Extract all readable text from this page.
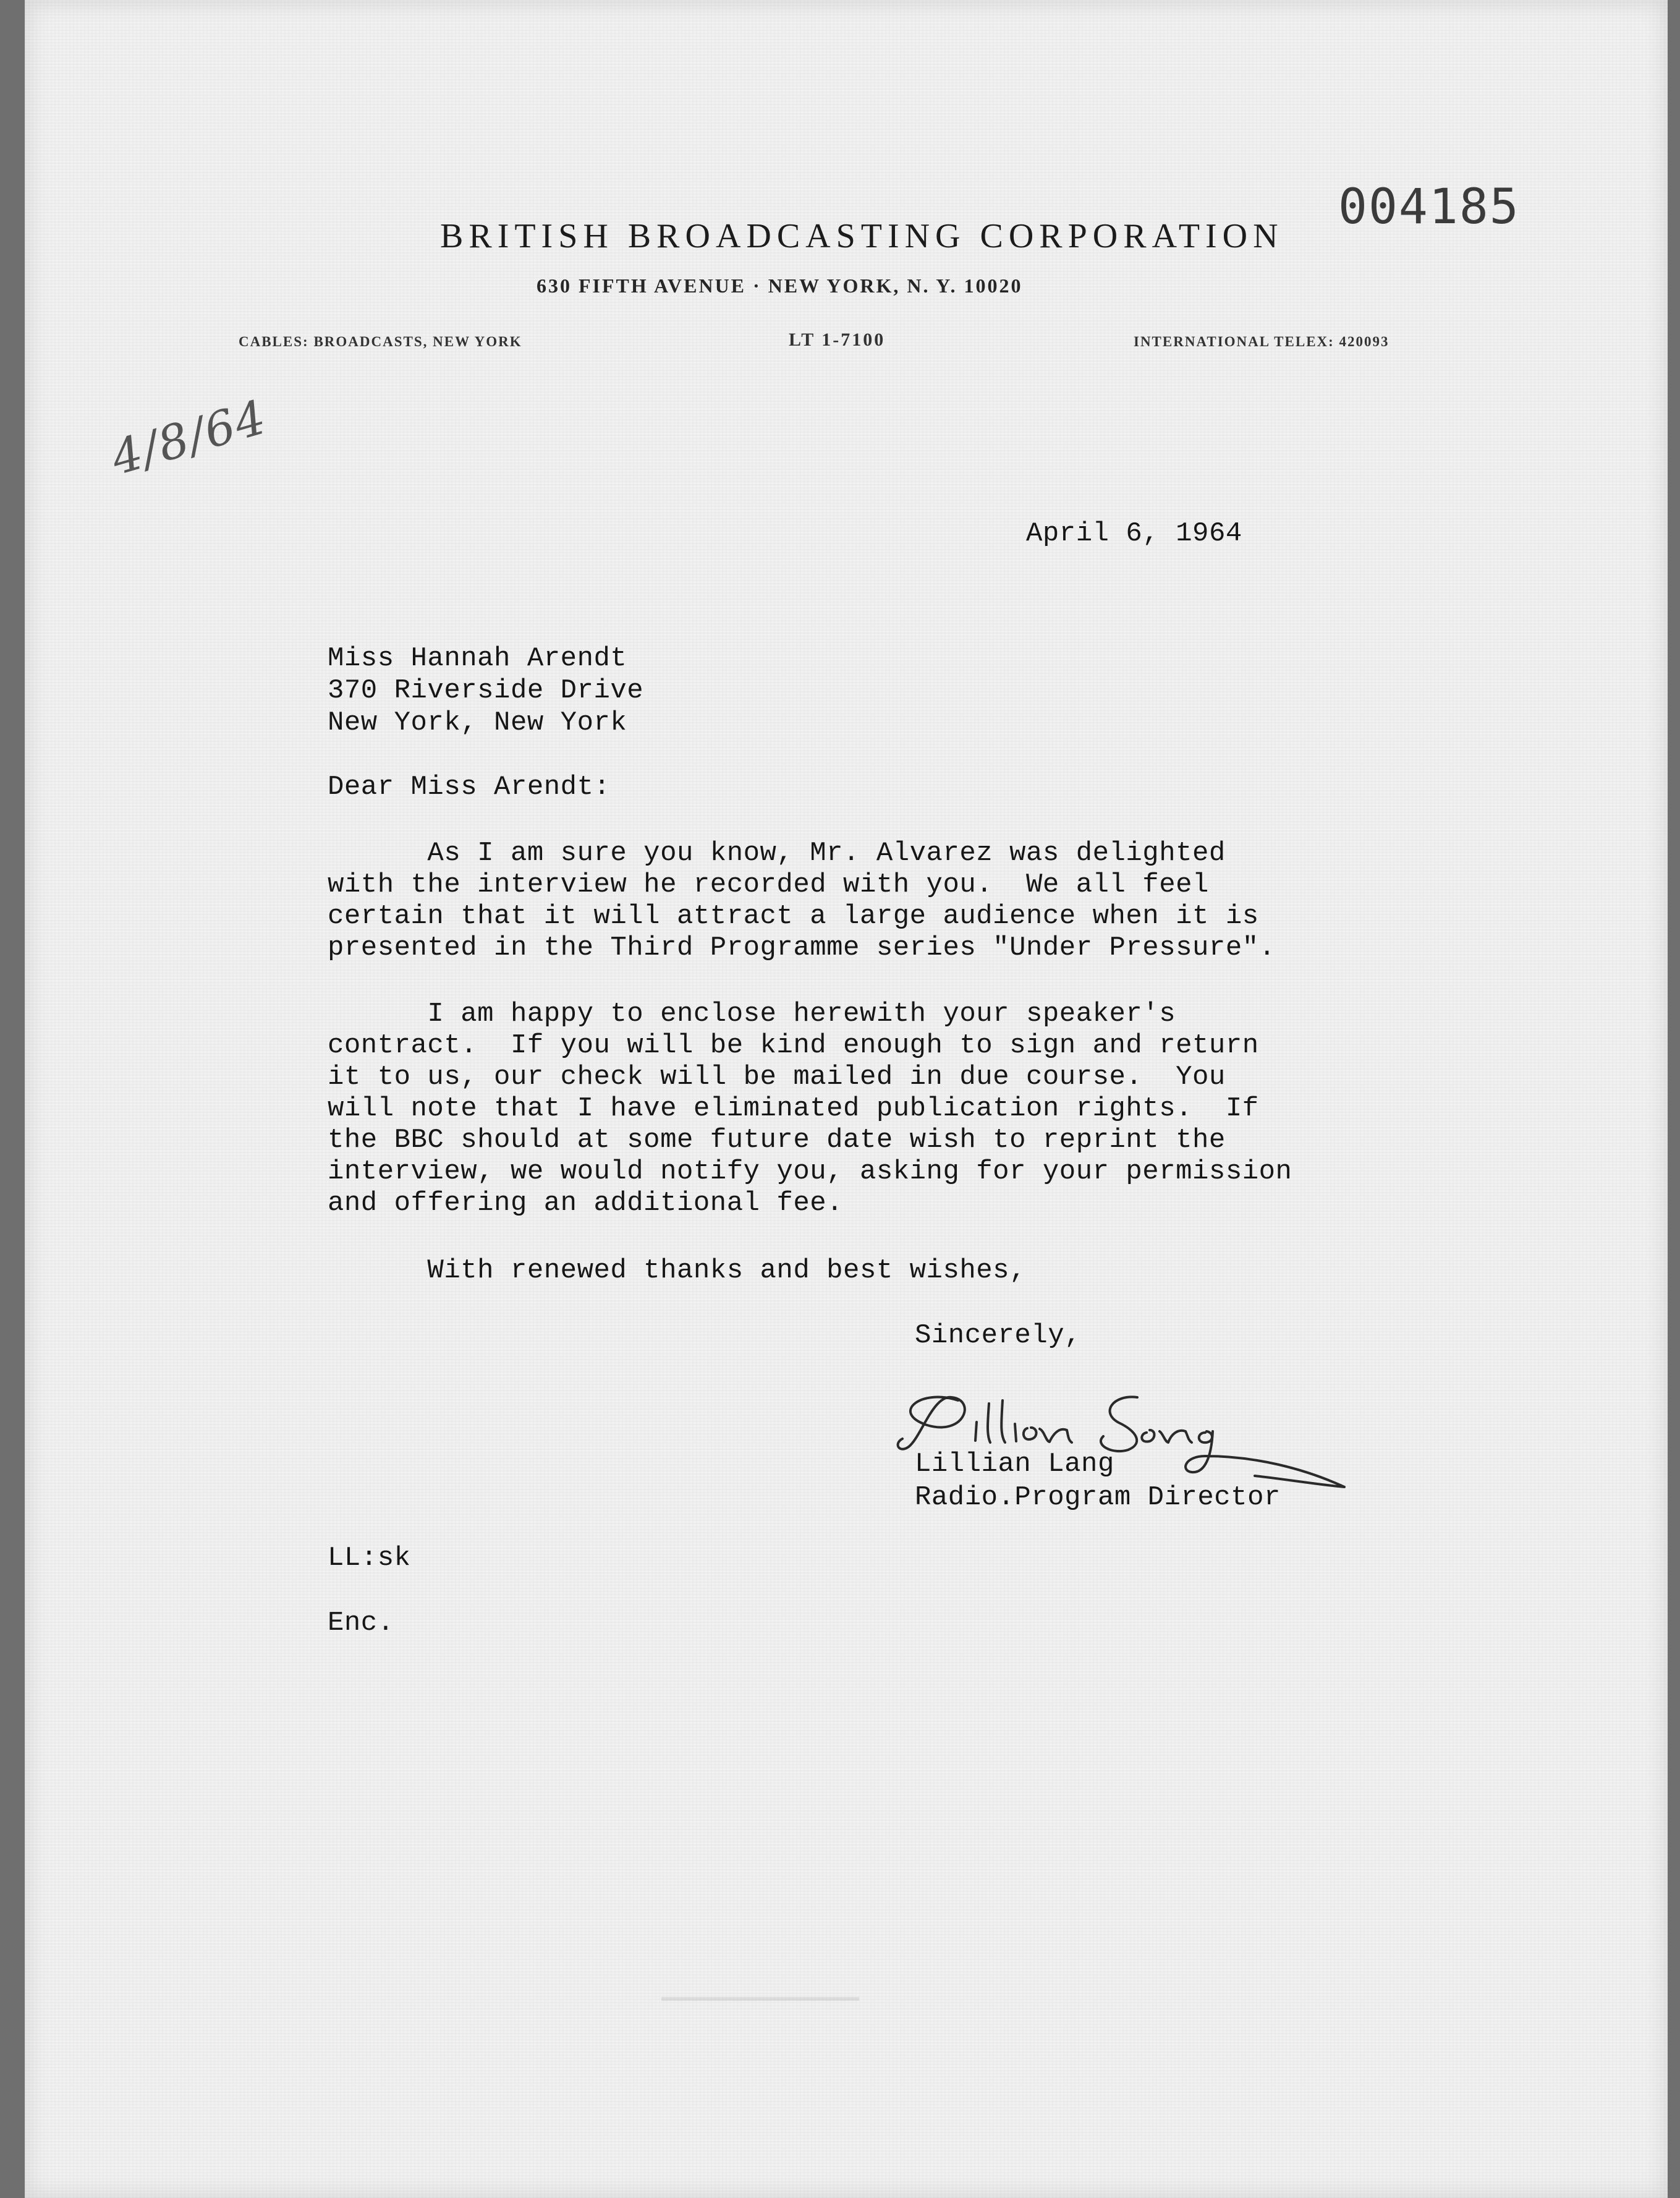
004185
BRITISH BROADCASTING CORPORATION
630 FIFTH AVENUE · NEW YORK, N. Y. 10020
CABLES: BROADCASTS, NEW YORK	LT 1-7100	INTERNATIONAL TELEX: 420093
4/8/64
April 6, 1964
Miss Hannah Arendt
370 Riverside Drive
New York, New York
Dear Miss Arendt:

As I am sure you know, Mr. Alvarez was delighted
with the interview he recorded with you.  We all feel
certain that it will attract a large audience when it is
presented in the Third Programme series "Under Pressure".

I am happy to enclose herewith your speaker's
contract.  If you will be kind enough to sign and return
it to us, our check will be mailed in due course.  You
will note that I have eliminated publication rights.  If
the BBC should at some future date wish to reprint the
interview, we would notify you, asking for your permission
and offering an additional fee.

With renewed thanks and best wishes,

Sincerely,
Lillian Lang
Lillian Lang
Radio.Program Director
LL:sk
Enc.
